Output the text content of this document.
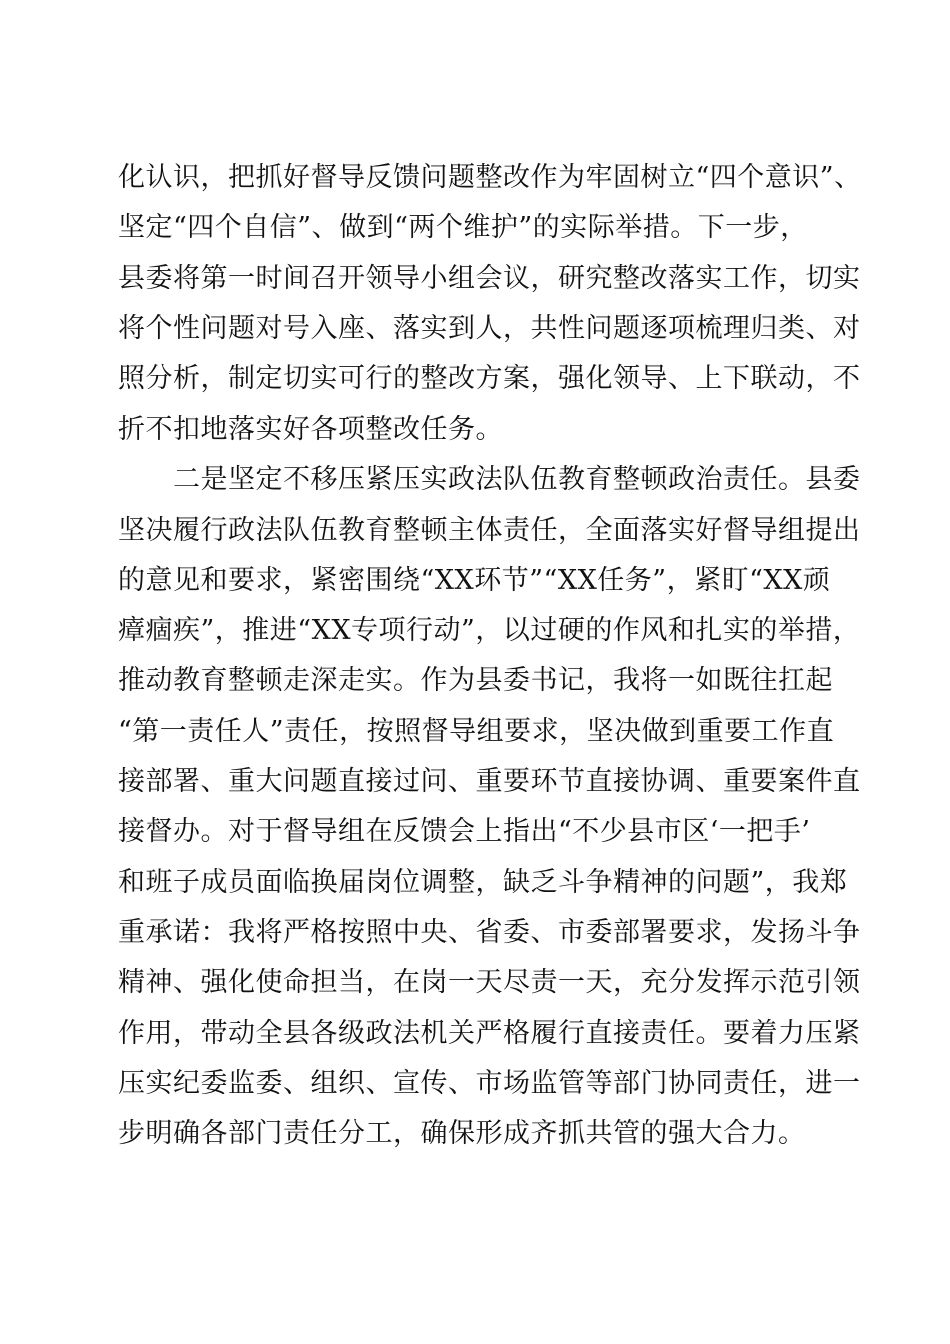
化认识，把抓好督导反馈问题整改作为牢固树立“四个意识”、
坚定“四个自信”、做到“两个维护”的实际举措。下一步，
县委将第一时间召开领导小组会议，研究整改落实工作，切实
将个性问题对号入座、落实到人，共性问题逐项梳理归类、对
照分析，制定切实可行的整改方案，强化领导、上下联动，不
折不扣地落实好各项整改任务。
　　二是坚定不移压紧压实政法队伍教育整顿政治责任。县委
坚决履行政法队伍教育整顿主体责任，全面落实好督导组提出
的意见和要求，紧密围绕“XX环节”“XX任务”，紧盯“XX顽
瘴痼疾”，推进“XX专项行动”，以过硬的作风和扎实的举措，
推动教育整顿走深走实。作为县委书记，我将一如既往扛起
“第一责任人”责任，按照督导组要求，坚决做到重要工作直
接部署、重大问题直接过问、重要环节直接协调、重要案件直
接督办。对于督导组在反馈会上指出“不少县市区‘一把手’
和班子成员面临换届岗位调整，缺乏斗争精神的问题”，我郑
重承诺：我将严格按照中央、省委、市委部署要求，发扬斗争
精神、强化使命担当，在岗一天尽责一天，充分发挥示范引领
作用，带动全县各级政法机关严格履行直接责任。要着力压紧
压实纪委监委、组织、宣传、市场监管等部门协同责任，进一
步明确各部门责任分工，确保形成齐抓共管的强大合力。
